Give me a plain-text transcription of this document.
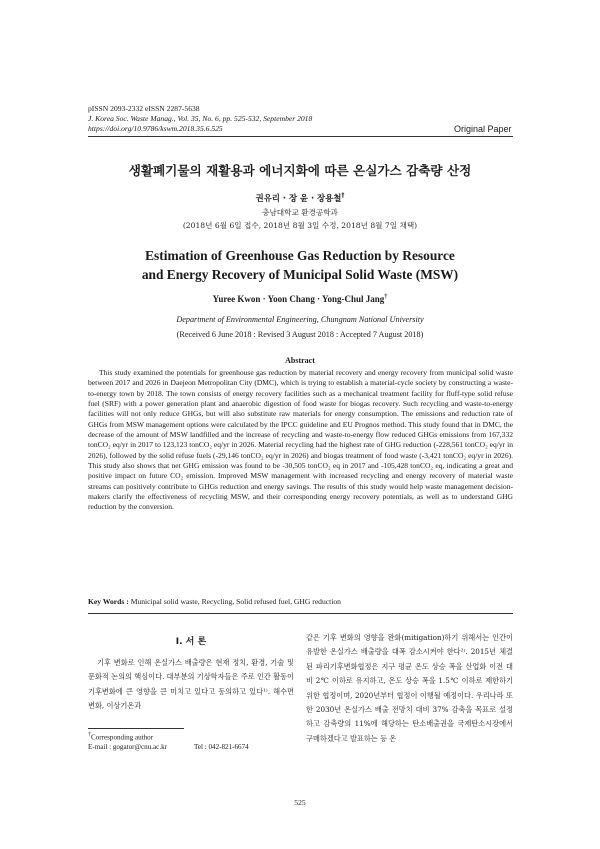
pISSN 2093-2332 eISSN 2287-5638
J. Korea Soc. Waste Manag., Vol. 35, No. 6, pp. 525-532, September 2018
https://doi.org/10.9786/kswm.2018.35.6.525	Original Paper
생활폐기물의 재활용과 에너지화에 따른 온실가스 감축량 산정
권유리 · 장 윤 · 장용철†
충남대학교 환경공학과
(2018년 6월 6일 접수, 2018년 8월 3일 수정, 2018년 8월 7일 채택)
Estimation of Greenhouse Gas Reduction by Resource
and Energy Recovery of Municipal Solid Waste (MSW)
Yuree Kwon · Yoon Chang · Yong-Chul Jang†
Department of Environmental Engineering, Chungnam National University
(Received 6 June 2018 : Revised 3 August 2018 : Accepted 7 August 2018)
Abstract

This study examined the potentials for greenhouse gas reduction by material recovery and energy recovery from municipal solid waste between 2017 and 2026 in Daejeon Metropolitan City (DMC), which is trying to establish a material-cycle society by constructing a waste-to-energy town by 2018. The town consists of energy recovery facilities such as a mechanical treatment facility for fluff-type solid refuse fuel (SRF) with a power generation plant and anaerobic digestion of food waste for biogas recovery. Such recycling and waste-to-energy facilities will not only reduce GHGs, but will also substitute raw materials for energy consumption. The emissions and reduction rate of GHGs from MSW management options were calculated by the IPCC guideline and EU Prognos method. This study found that in DMC, the decrease of the amount of MSW landfilled and the increase of recycling and waste-to-energy flow reduced GHGs emissions from 167,332 tonCO₂ eq/yr in 2017 to 123,123 tonCO₂ eq/yr in 2026. Material recycling had the highest rate of GHG reduction (-228,561 tonCO₂ eq/yr in 2026), followed by the solid refuse fuels (-29,146 tonCO₂ eq/yr in 2026) and biogas treatment of food waste (-3,421 tonCO₂ eq/yr in 2026). This study also shows that net GHG emission was found to be -30,505 tonCO₂ eq in 2017 and -105,428 tonCO₂ eq, indicating a great and positive impact on future CO₂ emission. Improved MSW management with increased recycling and energy recovery of material waste streams can positively contribute to GHGs reduction and energy savings. The results of this study would help waste management decision-makers clarify the effectiveness of recycling MSW, and their corresponding energy recovery potentials, as well as to understand GHG reduction by the conversion.

Key Words : Municipal solid waste, Recycling, Solid refused fuel, GHG reduction
I. 서 론

기후 변화로 인해 온실가스 배출량은 현재 정치, 환경, 기술 및 문화적 논의의 핵심이다. 대부분의 기상학자들은 주로 인간 활동이 기후변화에 큰 영향을 큰 미치고 있다고 동의하고 있다¹⁾. 해수면 변화, 이상기온과

같은 기후 변화의 영향을 완화(mitigation)하기 위해서는 인간이 유발한 온실가스 배출량을 대폭 감소시켜야 한다²⁾. 2015년 체결된 파리기후변화협정은 지구 평균 온도 상승 폭을 산업화 이전 대비 2℃ 이하로 유지하고, 온도 상승 폭을 1.5℃ 이하로 제한하기 위한 협정이며, 2020년부터 협정이 이행될 예정이다. 우리나라 또한 2030년 온실가스 배출 전망치 대비 37% 감축을 목표로 설정하고 감축량의 11%에 해당하는 탄소배출권을 국제탄소시장에서 구매하겠다고 발표하는 등 온

†Corresponding author
E-mail : gogator@cnu.ac.kr	Tel : 042-821-6674
525
